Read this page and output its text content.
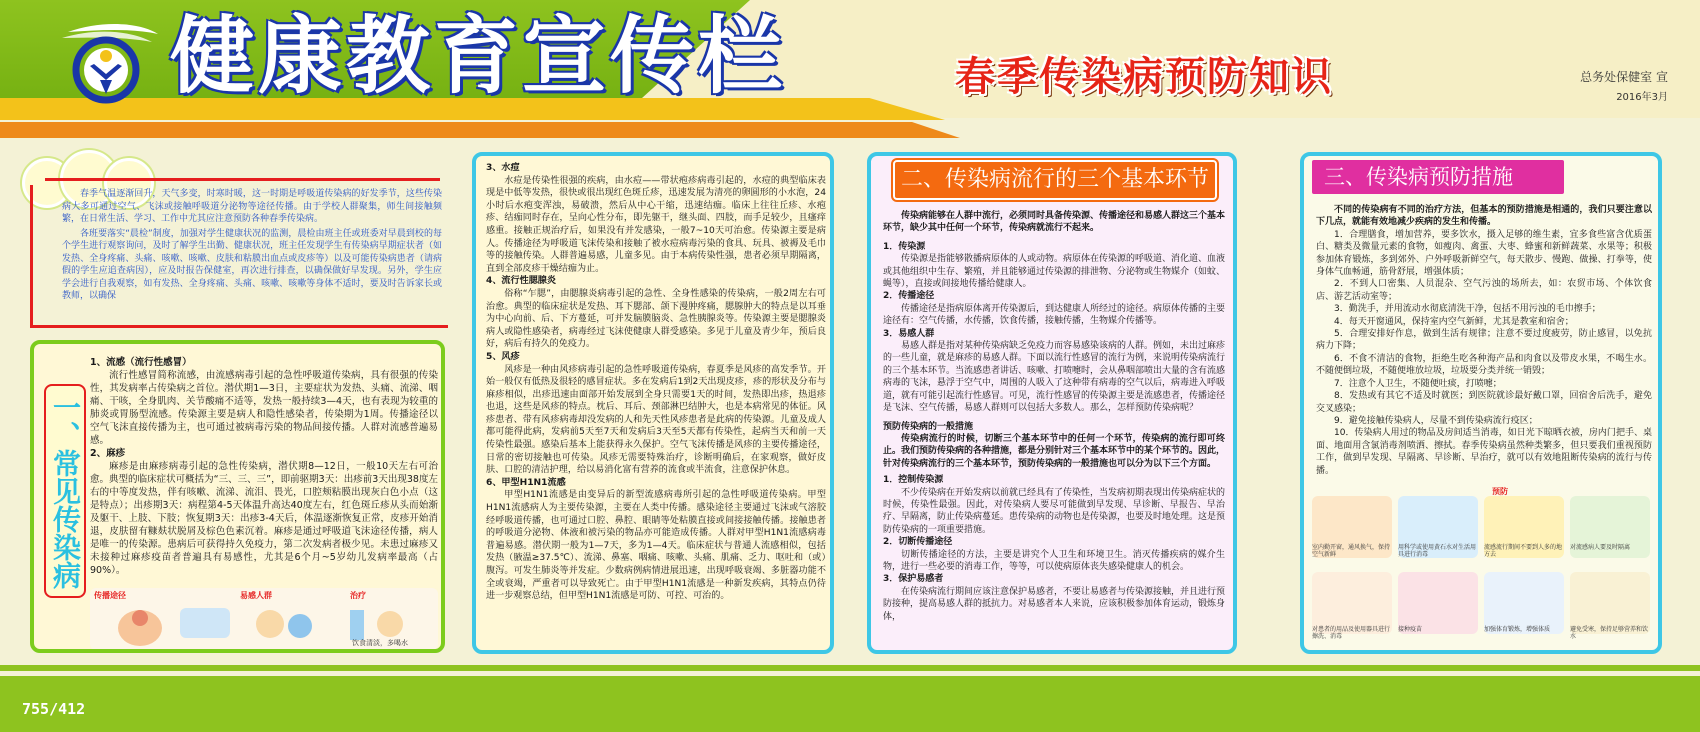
健康教育宣传栏	春季传染病预防知识	总务处保健室 宣
2016年3月
春季气温逐渐回升，天气多变，时寒时暖，这一时期是呼吸道传染病的好发季节，这些传染病大多可通过空气、飞沫或接触呼吸道分泌物等途径传播。由于学校人群聚集，师生间接触频繁，在日常生活、学习、工作中尤其应注意预防各种春季传染病。
各班要落实“晨检”制度，加强对学生健康状况的监测，晨检由班主任或班委对早晨到校的每个学生进行观察询问，及时了解学生出勤、健康状况，班主任发现学生有传染病早期症状者（如发热、全身疼痛、头痛、咳嗽、咳嗽、皮肤和粘膜出血点或皮疹等）以及可能传染病患者（请病假的学生应追查病因），应及时报告保健室，再次进行排查，以确保做好早发现。另外，学生应学会进行自我观察，如有发热、全身疼痛、头痛、咳嗽、咳嗽等身体不适时，要及时告诉家长或教师，以确保
一、常见传染病
1、流感（流行性感冒）
流行性感冒简称流感，由流感病毒引起的急性呼吸道传染病，具有很强的传染性，其发病率占传染病之首位。潜伏期1—3日，主要症状为发热、头痛、流涕、咽痛、干咳，全身肌肉、关节酸痛不适等，发热一般持续3—4天，也有表现为较重的肺炎或胃肠型流感。传染源主要是病人和隐性感染者，传染期为1周。传播途径以空气飞沫直接传播为主，也可通过被病毒污染的物品间接传播。人群对流感普遍易感。
2、麻疹
麻疹是由麻疹病毒引起的急性传染病，潜伏期8—12日，一般10天左右可治愈。典型的临床症状可概括为“三、三、三”，即前驱期3天：出疹前3天出现38度左右的中等度发热，伴有咳嗽、流涕、流泪、畏光，口腔颊粘膜出现灰白色小点（这是特点）；出疹期3天：病程第4-5天体温升高达40度左右，红色斑丘疹从头而始渐及躯干、上肢、下肢；恢复期3天：出疹3-4天后，体温逐渐恢复正常，皮疹开始消退，皮肤留有糠麸状脱屑及棕色色素沉着。麻疹是通过呼吸道飞沫途径传播，病人是唯一的传染源。患病后可获得持久免疫力，第二次发病者极少见。未患过麻疹又未接种过麻疹疫苗者普遍具有易感性，尤其是6个月~5岁幼儿发病率最高（占90%）。
传播途径	易感人群	治疗
饮食清淡，多喝水
3、水痘
水痘是传染性很强的疾病，由水痘——带状疱疹病毒引起的，水痘的典型临床表现是中低等发热，很快或很出现红色斑丘疹，迅速发展为清亮的卵圆形的小水泡，24小时后水疱变浑浊，易破溃，然后从中心干缩，迅速结痂。临床上往往丘疹、水疱疹、结痂同时存在，呈向心性分布，即先躯干，继头面、四肢，而手足较少，且瘙痒感重。接触正规治疗后，如果没有并发感染，一般7~10天可治愈。传染源主要是病人。传播途径为呼吸道飞沫传染和接触了被水痘病毒污染的食具、玩具、被褥及毛巾等的接触传染。人群普遍易感，儿童多见。由于本病传染性强，患者必须早期隔离，直到全部皮疹干燥结痂为止。
4、流行性腮腺炎
俗称“乍腮”，由腮腺炎病毒引起的急性、全身性感染的传染病，一般2周左右可治愈。典型的临床症状是发热、耳下腮部、颌下漫肿疼痛，腮腺肿大的特点是以耳垂为中心向前、后、下方蔓延，可并发脑膜脑炎、急性胰腺炎等。传染源主要是腮腺炎病人或隐性感染者，病毒经过飞沫使健康人群受感染。多见于儿童及青少年，预后良好，病后有持久的免疫力。
5、风疹
风疹是一种由风疹病毒引起的急性呼吸道传染病，春夏季是风疹的高发季节。开始一般仅有低热及很轻的感冒症状。多在发病后1到2天出现皮疹，疹的形状及分布与麻疹相似，出疹迅速由面部开始发展到全身只需要1天的时间，发热即出疹，热退疹也退，这些是风疹的特点。枕后、耳后、颈部淋巴结肿大，也是本病常见的体征。风疹患者、带有风疹病毒却没发病的人和先天性风疹患者是此病的传染源。儿童及成人都可能得此病，发病前5天至7天和发病后3天至5天都有传染性，起病当天和前一天传染性最强。感染后基本上能获得永久保护。空气飞沫传播是风疹的主要传播途径，日常的密切接触也可传染。风疹无需要特殊治疗，诊断明确后，在家观察，做好皮肤、口腔的清洁护理，给以易消化富有营养的流食或半流食，注意保护休息。
6、甲型H1N1流感
甲型H1N1流感是由变异后的新型流感病毒所引起的急性呼吸道传染病。甲型H1N1流感病人为主要传染源，主要在人类中传播。感染途径主要通过飞沫或气溶胶经呼吸道传播，也可通过口腔、鼻腔、眼睛等处粘膜直接或间接接触传播。接触患者的呼吸道分泌物、体液和被污染的物品亦可能造成传播。人群对甲型H1N1流感病毒普遍易感。潜伏期一般为1—7天，多为1—4天。临床症状与普通人流感相似，包括发热（腋温≥37.5℃）、流涕、鼻塞、咽痛、咳嗽、头痛、肌痛、乏力、呕吐和（或）腹泻。可发生肺炎等并发症。少数病例病情进展迅速，出现呼吸衰竭、多脏器功能不全或衰竭，严重者可以导致死亡。由于甲型H1N1流感是一种新发疾病，其特点仍待进一步观察总结，但甲型H1N1流感是可防、可控、可治的。
二、传染病流行的三个基本环节
传染病能够在人群中流行，必须同时具备传染源、传播途径和易感人群这三个基本环节，缺少其中任何一个环节，传染病就流行不起来。
1．传染源
传染源是指能够散播病原体的人或动物。病原体在传染源的呼吸道、消化道、血液或其他组织中生存、繁殖，并且能够通过传染源的排泄物、分泌物或生物媒介（如蚊、蝇等），直接或间接地传播给健康人。
2．传播途径
传播途径是指病原体离开传染源后，到达健康人所经过的途径。病原体传播的主要途径有：空气传播，水传播，饮食传播，接触传播，生物媒介传播等。
3．易感人群
易感人群是指对某种传染病缺乏免疫力而容易感染该病的人群。例如，未出过麻疹的一些儿童，就是麻疹的易感人群。下面以流行性感冒的流行为例，来说明传染病流行的三个基本环节。当流感患者讲话、咳嗽、打喷嚏时，会从鼻咽部喷出大量的含有流感病毒的飞沫，悬浮于空气中，周围的人吸入了这种带有病毒的空气以后，病毒进入呼吸道，就有可能引起流行性感冒。可见，流行性感冒的传染源主要是流感患者，传播途径是飞沫、空气传播，易感人群则可以包括大多数人。那么，怎样预防传染病呢？
预防传染病的一般措施
传染病流行的时候，切断三个基本环节中的任何一个环节，传染病的流行即可终止。我们预防传染病的各种措施，都是分别针对三个基本环节中的某个环节的。因此，针对传染病流行的三个基本环节，预防传染病的一般措施也可以分为以下三个方面。
1．控制传染源
不少传染病在开始发病以前就已经具有了传染性，当发病初期表现出传染病症状的时候，传染性最强。因此，对传染病人要尽可能做到早发现、早诊断、早报告、早治疗、早隔离，防止传染病蔓延。患传染病的动物也是传染源，也要及时地处理。这是预防传染病的一项重要措施。
2．切断传播途径
切断传播途径的方法，主要是讲究个人卫生和环境卫生。消灭传播疾病的媒介生物，进行一些必要的消毒工作，等等，可以使病原体丧失感染健康人的机会。
3．保护易感者
在传染病流行期间应该注意保护易感者，不要让易感者与传染源接触，并且进行预防接种，提高易感人群的抵抗力。对易感者本人来说，应该积极参加体育运动，锻炼身体，
三、传染病预防措施
不同的传染病有不同的治疗方法，但基本的预防措施是相通的，我们只要注意以下几点，就能有效地减少疾病的发生和传播。
1．合理膳食，增加营养，要多饮水，摄入足够的维生素，宜多食些富含优质蛋白、糖类及微量元素的食物，如瘦肉、禽蛋、大枣、蜂蜜和新鲜蔬菜、水果等；积极参加体育锻炼，多到郊外、户外呼吸新鲜空气，每天散步、慢跑、做操、打拳等，使身体气血畅通，筋骨舒展，增强体质；
2．不到人口密集、人员混杂、空气污浊的场所去，如：农贸市场、个体饮食店、游艺活动室等；
3．勤洗手，并用流动水彻底清洗干净，包括不用污浊的毛巾擦手；
4．每天开窗通风，保持室内空气新鲜，尤其是教室和宿舍；
5．合理安排好作息，做到生活有规律；注意不要过度疲劳，防止感冒，以免抗病力下降；
6．不食不清洁的食物，拒绝生吃各种海产品和肉食以及带皮水果，不喝生水。不随便倒垃圾，不随便堆放垃圾，垃圾要分类并统一销毁；
7．注意个人卫生，不随便吐痰，打喷嚏；
8．发热或有其它不适及时就医；到医院就诊最好戴口罩，回宿舍后洗手，避免交叉感染；
9．避免接触传染病人，尽量不到传染病流行疫区；
10．传染病人用过的物品及房间适当消毒，如日光下晾晒衣被，房内门把手、桌面、地面用含氯消毒剂喷洒、擦拭。春季传染病虽然种类繁多，但只要我们重视预防工作，做到早发现、早隔离、早诊断、早治疗，就可以有效地阻断传染病的流行与传播。
预防
室内勤开窗，通风换气，保持空气新鲜
用科学或使用黄石水对生活用具进行消毒
流感流行期间不要到人多的地方去
对流感病人要及时隔离
对患者的用品及使用器具进行擦洗、消毒
接种疫苗	加强体育锻炼，增强体质	避免受寒，保持足够营养和饮水
755/412
